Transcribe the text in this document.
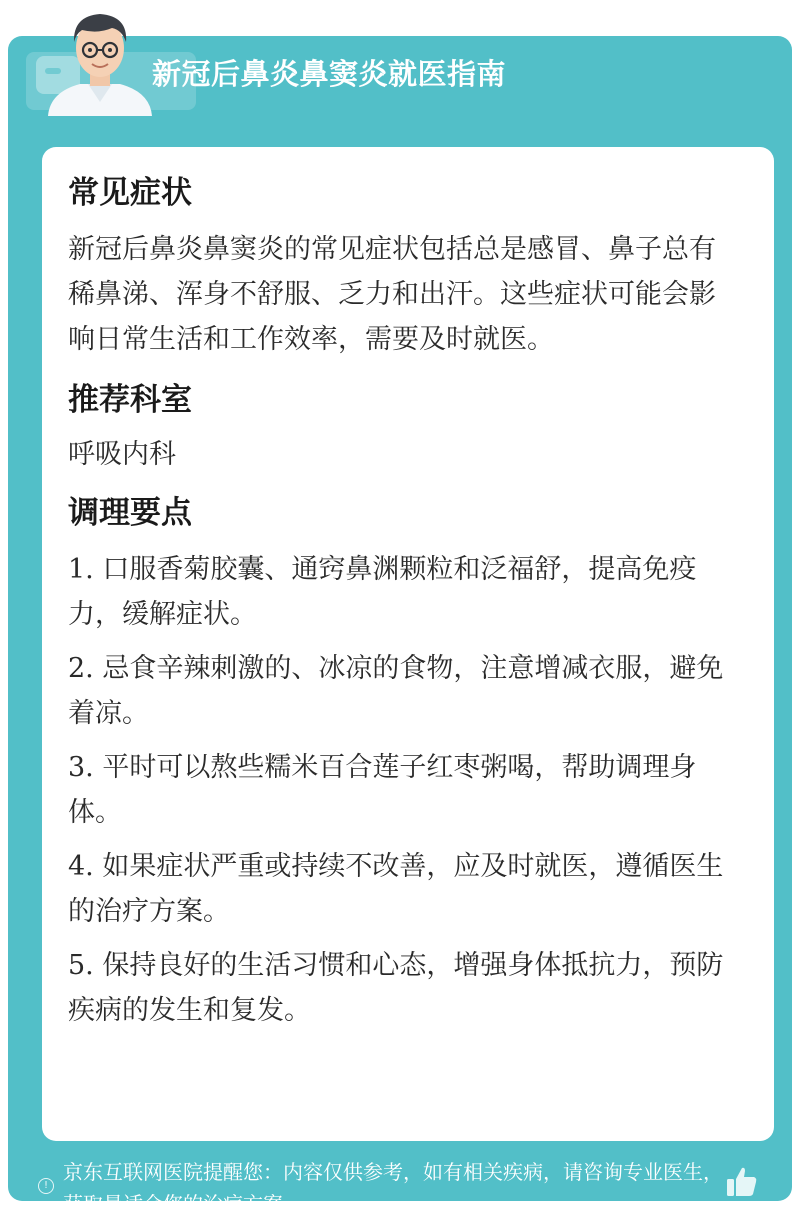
新冠后鼻炎鼻窦炎就医指南
常见症状

新冠后鼻炎鼻窦炎的常见症状包括总是感冒、鼻子总有稀鼻涕、浑身不舒服、乏力和出汗。这些症状可能会影响日常生活和工作效率，需要及时就医。

推荐科室

呼吸内科

调理要点

1. 口服香菊胶囊、通窍鼻渊颗粒和泛福舒，提高免疫力，缓解症状。

2. 忌食辛辣刺激的、冰凉的食物，注意增减衣服，避免着凉。

3. 平时可以熬些糯米百合莲子红枣粥喝，帮助调理身体。

4. 如果症状严重或持续不改善，应及时就医，遵循医生的治疗方案。

5. 保持良好的生活习惯和心态，增强身体抵抗力，预防疾病的发生和复发。

!
京东互联网医院提醒您：内容仅供参考，如有相关疾病，请咨询专业医生，获取最适合您的治疗方案
